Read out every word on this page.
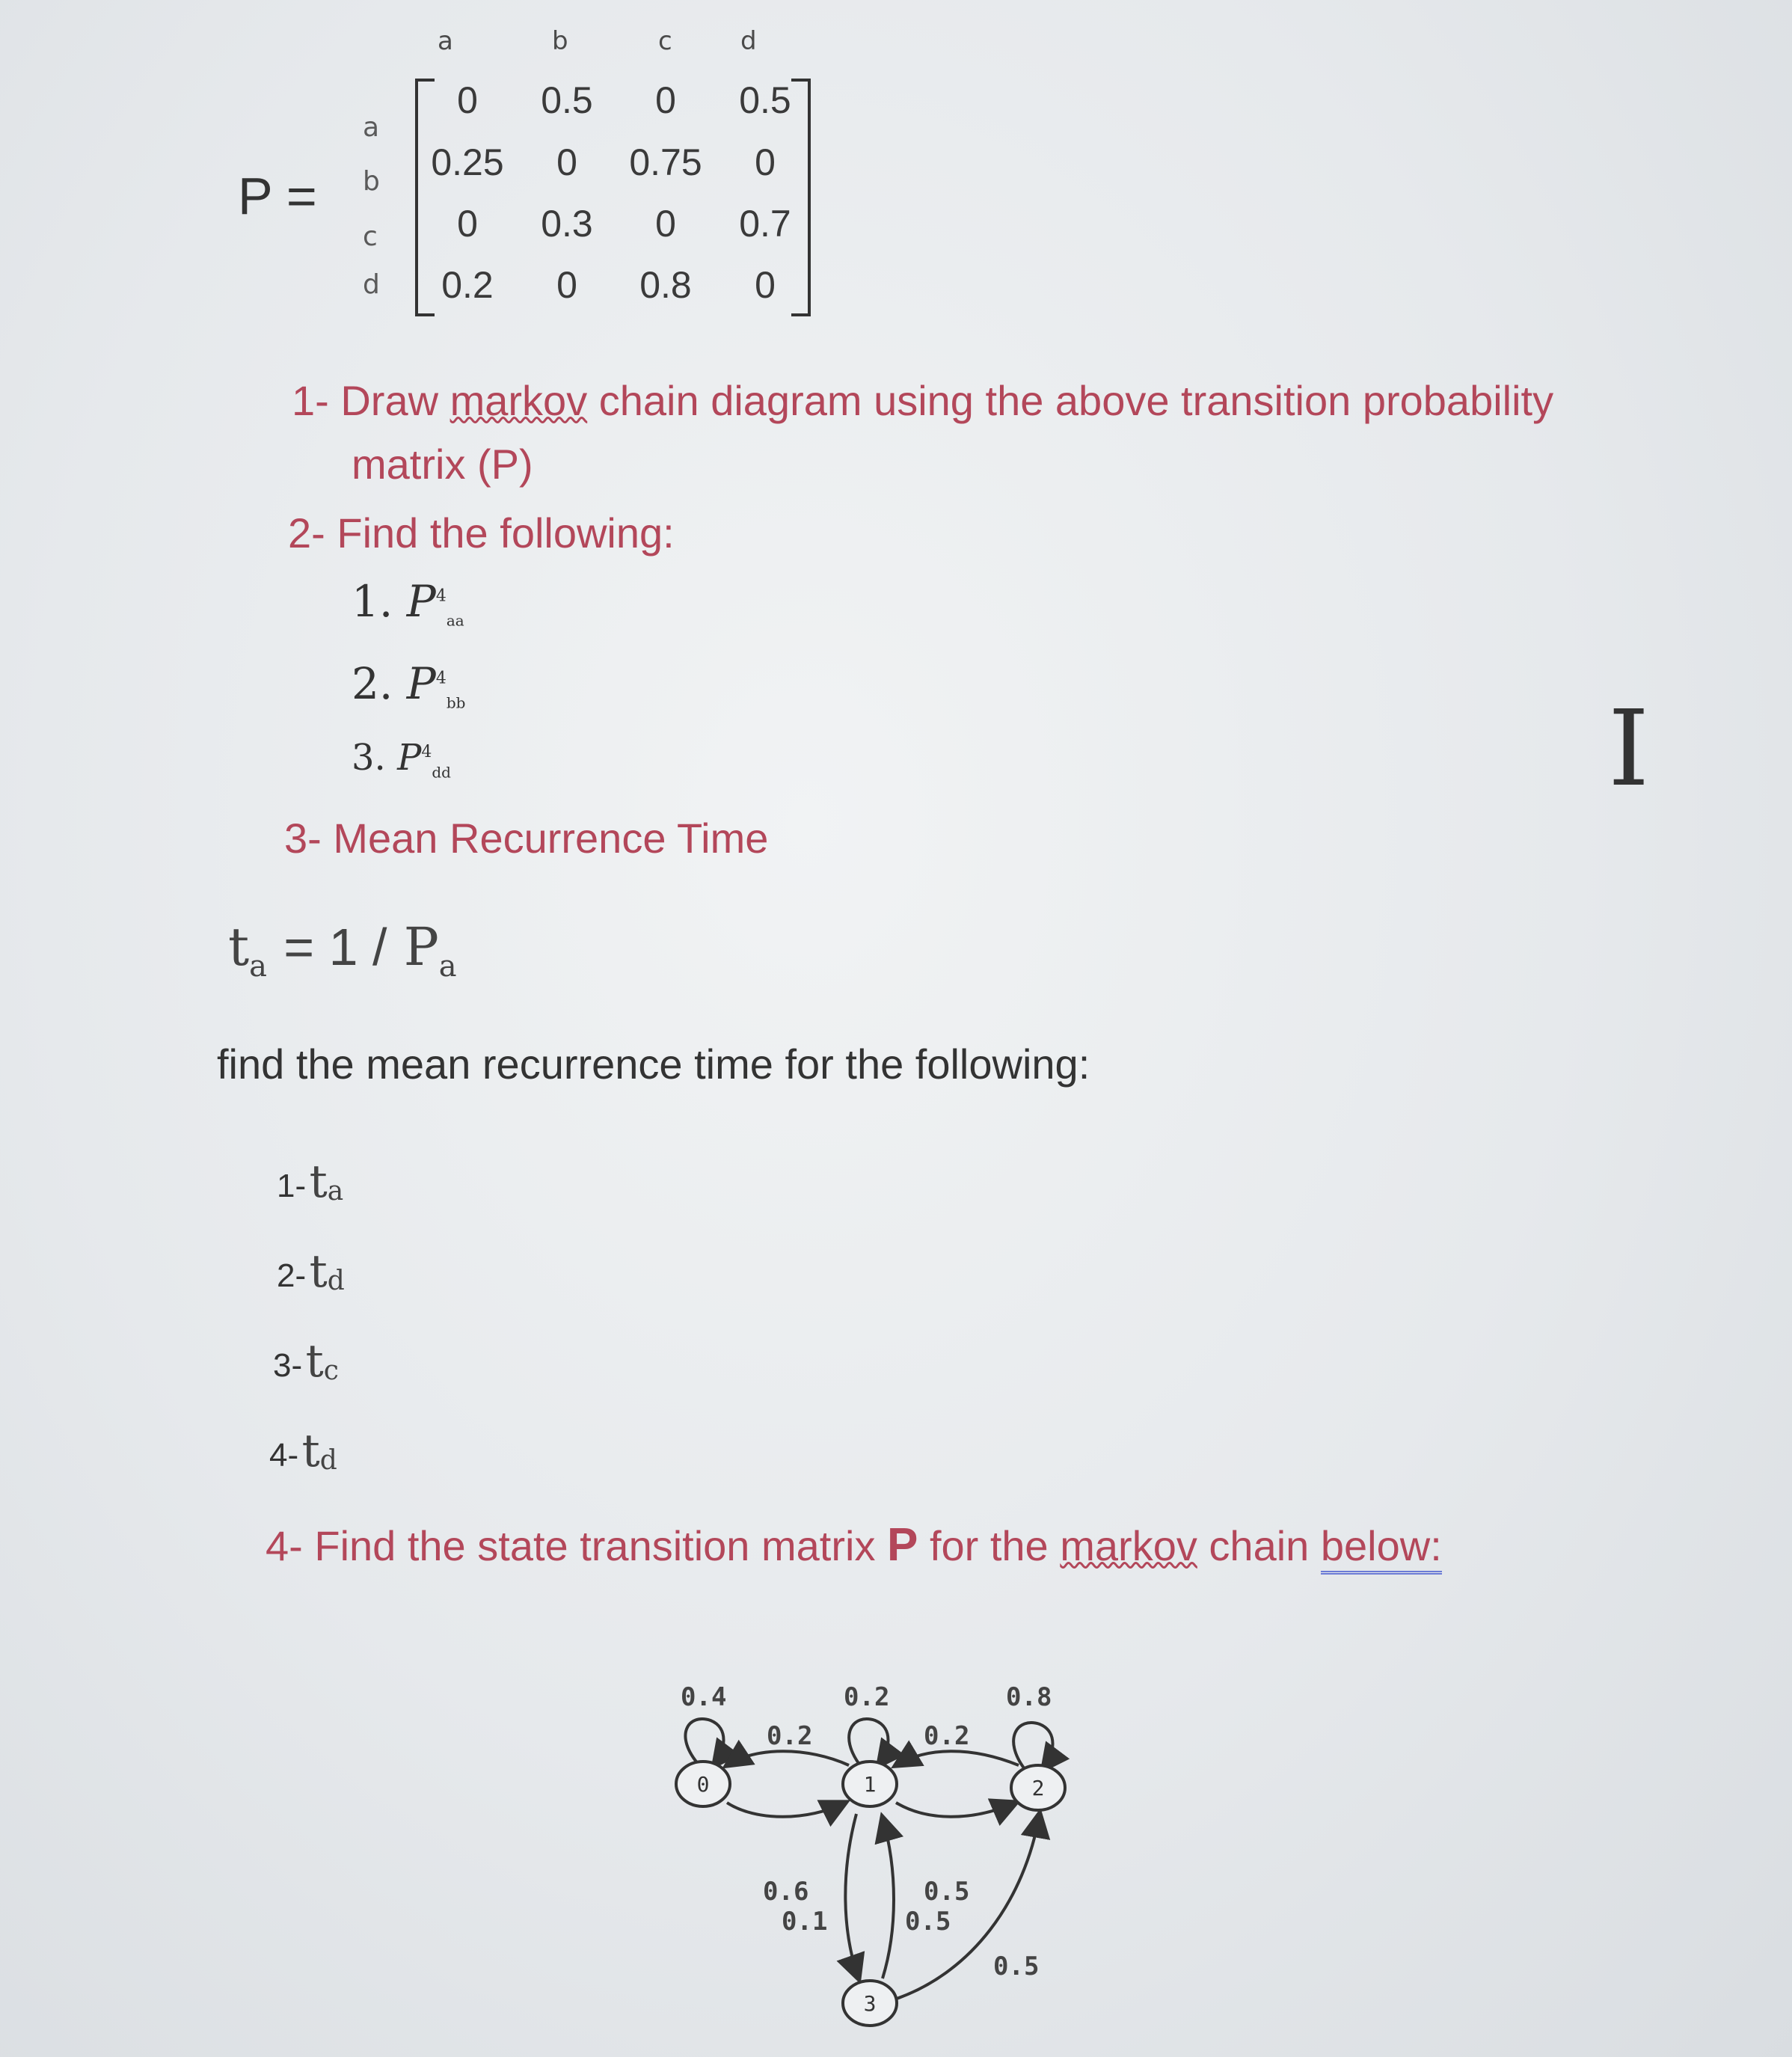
P =
a	b	c	d
a
b
c
d
0	0.5	0	0.5
0.25	0	0.75	0
0	0.3	0	0.7
0.2	0	0.8	0
1- Draw markov chain diagram using the above transition probability
matrix (P)
2- Find the following:
1. $P^4_{aa}$
2. $P^4_{bb}$
3. $P^4_{dd}$	I
3- Mean Recurrence Time
$t_a = 1 / P_a$
find the mean recurrence time for the following:
1- $t_a$
2- $t_d$
3- $t_c$
4- $t_d$
4- Find the state transition matrix P for the markov chain below:
0	1	2
3
0.4	0.2	0.8
0.2	0.2
0.6	0.5
0.1	0.5
0.5
